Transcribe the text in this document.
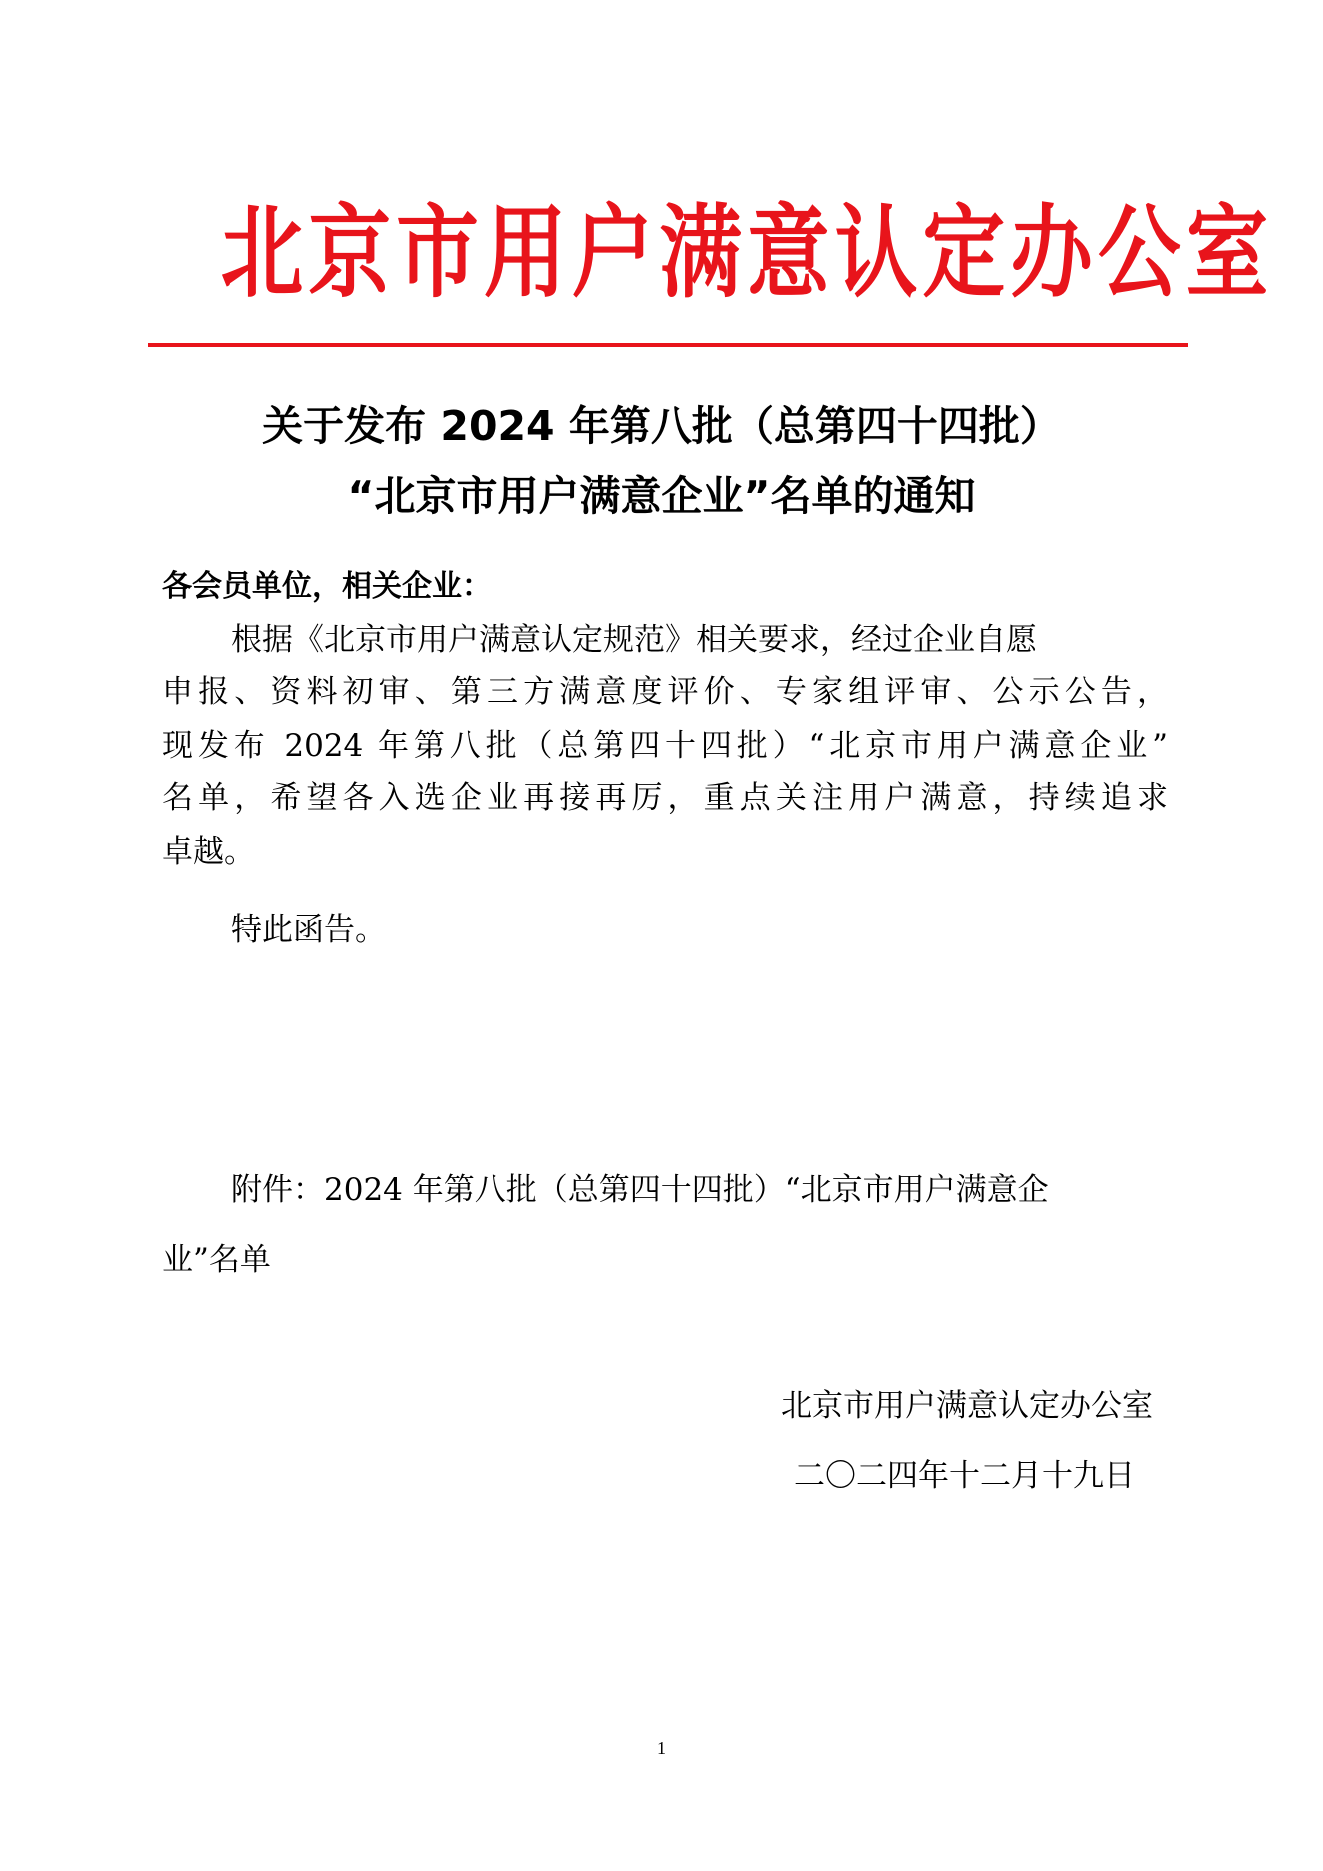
北京市用户满意认定办公室
关于发布 2024 年第八批（总第四十四批）
“北京市用户满意企业”名单的通知

各会员单位，相关企业：

根据《北京市用户满意认定规范》相关要求，经过企业自愿

申报、资料初审、第三方满意度评价、专家组评审、公示公告，

现发布 2024 年第八批（总第四十四批）“北京市用户满意企业”

名单，希望各入选企业再接再厉，重点关注用户满意，持续追求

卓越。

特此函告。

附件：2024 年第八批（总第四十四批）“北京市用户满意企

业”名单

北京市用户满意认定办公室

二〇二四年十二月十九日

1
